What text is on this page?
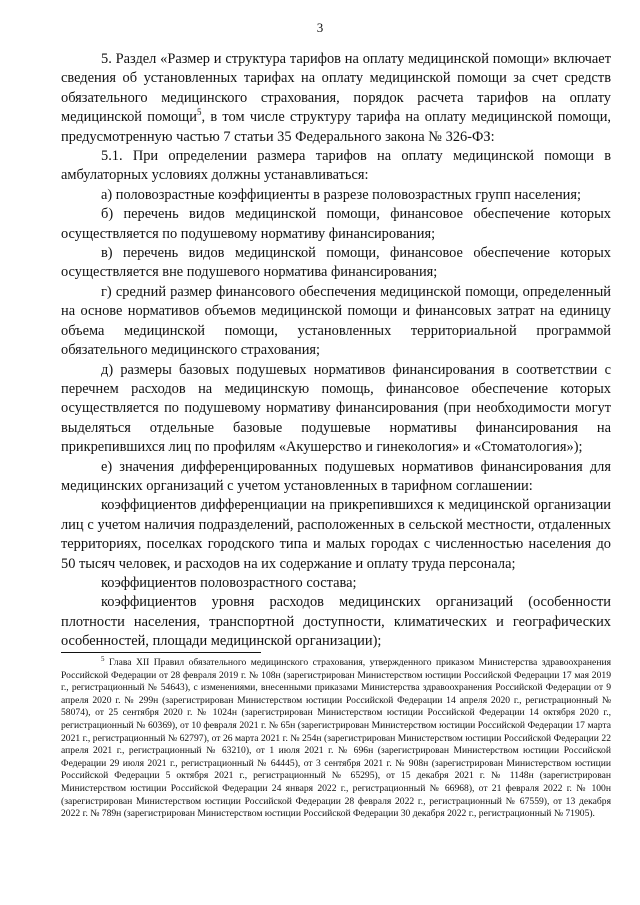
3

5. Раздел «Размер и структура тарифов на оплату медицинской помощи» включает сведения об установленных тарифах на оплату медицинской помощи за счет средств обязательного медицинского страхования, порядок расчета тарифов на оплату медицинской помощи$^5$, в том числе структуру тарифа на оплату медицинской помощи, предусмотренную частью 7 статьи 35 Федерального закона № 326-ФЗ:

5.1. При определении размера тарифов на оплату медицинской помощи в амбулаторных условиях должны устанавливаться:

а) половозрастные коэффициенты в разрезе половозрастных групп населения;

б) перечень видов медицинской помощи, финансовое обеспечение которых осуществляется по подушевому нормативу финансирования;

в) перечень видов медицинской помощи, финансовое обеспечение которых осуществляется вне подушевого норматива финансирования;

г) средний размер финансового обеспечения медицинской помощи, определенный на основе нормативов объемов медицинской помощи и финансовых затрат на единицу объема медицинской помощи, установленных территориальной программой обязательного медицинского страхования;

д) размеры базовых подушевых нормативов финансирования в соответствии с перечнем расходов на медицинскую помощь, финансовое обеспечение которых осуществляется по подушевому нормативу финансирования (при необходимости могут выделяться отдельные базовые подушевые нормативы финансирования на прикрепившихся лиц по профилям «Акушерство и гинекология» и «Стоматология»);

е) значения дифференцированных подушевых нормативов финансирования для медицинских организаций с учетом установленных в тарифном соглашении:

коэффициентов дифференциации на прикрепившихся к медицинской организации лиц с учетом наличия подразделений, расположенных в сельской местности, отдаленных территориях, поселках городского типа и малых городах с численностью населения до 50 тысяч человек, и расходов на их содержание и оплату труда персонала;

коэффициентов половозрастного состава;

коэффициентов уровня расходов медицинских организаций (особенности плотности населения, транспортной доступности, климатических и географических особенностей, площади медицинской организации);

$^5$ Глава XII Правил обязательного медицинского страхования, утвержденного приказом Министерства здравоохранения Российской Федерации от 28 февраля 2019 г. № 108н (зарегистрирован Министерством юстиции Российской Федерации 17 мая 2019 г., регистрационный № 54643), с изменениями, внесенными приказами Министерства здравоохранения Российской Федерации от 9 апреля 2020 г. № 299н (зарегистрирован Министерством юстиции Российской Федерации 14 апреля 2020 г., регистрационный № 58074), от 25 сентября 2020 г. № 1024н (зарегистрирован Министерством юстиции Российской Федерации 14 октября 2020 г., регистрационный № 60369), от 10 февраля 2021 г. № 65н (зарегистрирован Министерством юстиции Российской Федерации 17 марта 2021 г., регистрационный № 62797), от 26 марта 2021 г. № 254н (зарегистрирован Министерством юстиции Российской Федерации 22 апреля 2021 г., регистрационный № 63210), от 1 июля 2021 г. № 696н (зарегистрирован Министерством юстиции Российской Федерации 29 июля 2021 г., регистрационный № 64445), от 3 сентября 2021 г. № 908н (зарегистрирован Министерством юстиции Российской Федерации 5 октября 2021 г., регистрационный № 65295), от 15 декабря 2021 г. № 1148н (зарегистрирован Министерством юстиции Российской Федерации 24 января 2022 г., регистрационный № 66968), от 21 февраля 2022 г. № 100н (зарегистрирован Министерством юстиции Российской Федерации 28 февраля 2022 г., регистрационный № 67559), от 13 декабря 2022 г. № 789н (зарегистрирован Министерством юстиции Российской Федерации 30 декабря 2022 г., регистрационный № 71905).
